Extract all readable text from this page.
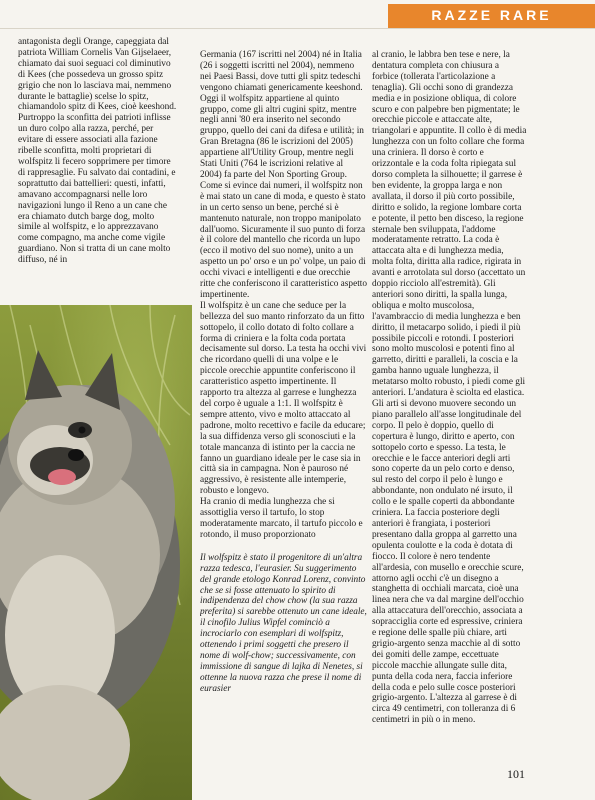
RAZZE RARE

antagonista degli Orange, capeggiata dal patriota William Cornelis Van Gijselaeer, chiamato dai suoi seguaci col diminutivo di Kees (che possedeva un grosso spitz grigio che non lo lasciava mai, nemmeno durante le battaglie) scelse lo spitz, chiamandolo spitz di Kees, cioè keeshond. Purtroppo la sconfitta dei patrioti inflisse un duro colpo alla razza, perché, per evitare di essere associati alla fazione ribelle sconfitta, molti proprietari di wolfspitz li fecero sopprimere per timore di rappresaglie. Fu salvato dai contadini, e soprattutto dai battellieri: questi, infatti, amavano accompagnarsi nelle loro navigazioni lungo il Reno a un cane che era chiamato dutch barge dog, molto simile al wolfspitz, e lo apprezzavano come compagno, ma anche come vigile guardiano. Non si tratta di un cane molto diffuso, né in

Germania (167 iscritti nel 2004) né in Italia (26 i soggetti iscritti nel 2004), nemmeno nei Paesi Bassi, dove tutti gli spitz tedeschi vengono chiamati genericamente keeshond. Oggi il wolfspitz appartiene al quinto gruppo, come gli altri cugini spitz, mentre negli anni '80 era inserito nel secondo gruppo, quello dei cani da difesa e utilità; in Gran Bretagna (86 le iscrizioni del 2005) appartiene all'Utility Group, mentre negli Stati Uniti (764 le iscrizioni relative al 2004) fa parte del Non Sporting Group. Come si evince dai numeri, il wolfspitz non è mai stato un cane di moda, e questo è stato in un certo senso un bene, perché si è mantenuto naturale, non troppo manipolato dall'uomo. Sicuramente il suo punto di forza è il colore del mantello che ricorda un lupo (ecco il motivo del suo nome), unito a un aspetto un po' orso e un po' volpe, un paio di occhi vivaci e intelligenti e due orecchie ritte che conferiscono il caratteristico aspetto impertinente.

Il wolfspitz è un cane che seduce per la bellezza del suo manto rinforzato da un fitto sottopelo, il collo dotato di folto collare a forma di criniera e la folta coda portata decisamente sul dorso. La testa ha occhi vivi che ricordano quelli di una volpe e le piccole orecchie appuntite conferiscono il caratteristico aspetto impertinente. Il rapporto tra altezza al garrese e lunghezza del corpo è uguale a 1:1. Il wolfspitz è sempre attento, vivo e molto attaccato al padrone, molto recettivo e facile da educare; la sua diffidenza verso gli sconosciuti e la totale mancanza di istinto per la caccia ne fanno un guardiano ideale per le case sia in città sia in campagna. Non è pauroso né aggressivo, è resistente alle intemperie, robusto e longevo.

Ha cranio di media lunghezza che si assottiglia verso il tartufo, lo stop moderatamente marcato, il tartufo piccolo e rotondo, il muso proporzionato

Il wolfspitz è stato il progenitore di un'altra razza tedesca, l'eurasier. Su suggerimento del grande etologo Konrad Lorenz, convinto che se si fosse attenuato lo spirito di indipendenza del chow chow (la sua razza preferita) si sarebbe ottenuto un cane ideale, il cinofilo Julius Wipfel cominciò a incrociarlo con esemplari di wolfspitz, ottenendo i primi soggetti che presero il nome di wolf-chow; successivamente, con immissione di sangue di lajka di Nenetes, si ottenne la nuova razza che prese il nome di eurasier

al cranio, le labbra ben tese e nere, la dentatura completa con chiusura a forbice (tollerata l'articolazione a tenaglia). Gli occhi sono di grandezza media e in posizione obliqua, di colore scuro e con palpebre ben pigmentate; le orecchie piccole e attaccate alte, triangolari e appuntite. Il collo è di media lunghezza con un folto collare che forma una criniera. Il dorso è corto e orizzontale e la coda folta ripiegata sul dorso completa la silhouette; il garrese è ben evidente, la groppa larga e non avallata, il dorso il più corto possibile, diritto e solido, la regione lombare corta e potente, il petto ben disceso, la regione sternale ben sviluppata, l'addome moderatamente retratto. La coda è attaccata alta e di lunghezza media, molta folta, diritta alla radice, rigirata in avanti e arrotolata sul dorso (accettato un doppio ricciolo all'estremità). Gli anteriori sono diritti, la spalla lunga, obliqua e molto muscolosa, l'avambraccio di media lunghezza e ben diritto, il metacarpo solido, i piedi il più possibile piccoli e rotondi. I posteriori sono molto muscolosi e potenti fino al garretto, diritti e paralleli, la coscia e la gamba hanno uguale lunghezza, il metatarso molto robusto, i piedi come gli anteriori. L'andatura è sciolta ed elastica. Gli arti si devono muovere secondo un piano parallelo all'asse longitudinale del corpo. Il pelo è doppio, quello di copertura è lungo, diritto e aperto, con sottopelo corto e spesso. La testa, le orecchie e le facce anteriori degli arti sono coperte da un pelo corto e denso, sul resto del corpo il pelo è lungo e abbondante, non ondulato né irsuto, il collo e le spalle coperti da abbondante criniera. La faccia posteriore degli anteriori è frangiata, i posteriori presentano dalla groppa al garretto una opulenta coulotte e la coda è dotata di fiocco. Il colore è nero tendente all'ardesia, con musello e orecchie scure, attorno agli occhi c'è un disegno a stanghetta di occhiali marcata, cioè una linea nera che va dal margine dell'occhio alla attaccatura dell'orecchio, associata a sopracciglia corte ed espressive, criniera e regione delle spalle più chiare, arti grigio-argento senza macchie al di sotto dei gomiti delle zampe, eccettuate piccole macchie allungate sulle dita, punta della coda nera, faccia inferiore della coda e pelo sulle cosce posteriori grigio-argento. L'altezza al garrese è di circa 49 centimetri, con tolleranza di 6 centimetri in più o in meno.

101
